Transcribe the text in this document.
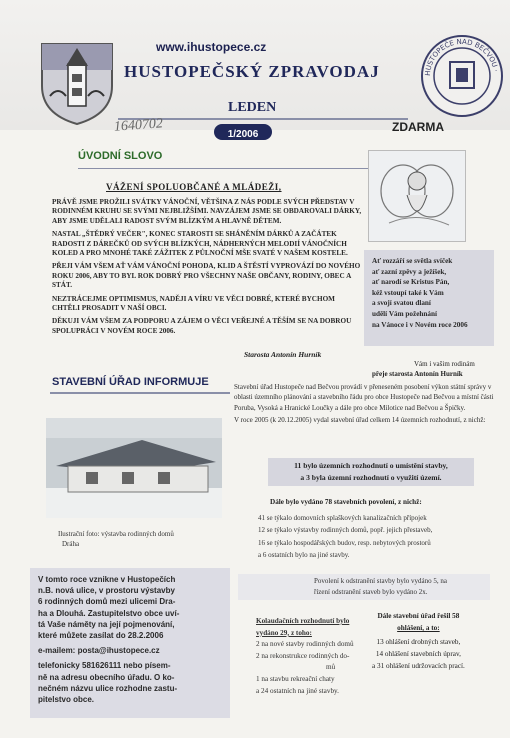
www.ihustopece.cz
HUSTOPEČSKÝ ZPRAVODAJ	HUSTOPEČE NAD BEČVOU ·
LEDEN
1640702	1/2006
ZDARMA
ÚVODNÍ SLOVO
VÁŽENÍ SPOLUOBČANÉ A MLÁDEŽI,

PRÁVĚ JSME PROŽILI SVÁTKY VÁNOČNÍ, VĚTŠINA Z NÁS PODLE SVÝCH PŘEDSTAV V RODINNÉM KRUHU SE SVÝMI NEJBLIŽŠÍMI. NAVZÁJEM JSME SE OBDAROVALI DÁRKY, ABY JSME UDĚLALI RADOST SVÝM BLÍZKÝM A HLAVNĚ DĚTEM.

NASTAL „ŠTĚDRÝ VEČER", KONEC STAROSTI SE SHÁNĚNÍM DÁRKŮ A ZAČÁTEK RADOSTI Z DÁREČKŮ OD SVÝCH BLÍZKÝCH, NÁDHERNÝCH MELODIÍ VÁNOČNÍCH KOLED A PRO MNOHÉ TAKÉ ZÁŽITEK Z PŮLNOČNÍ MŠE SVATÉ V NAŠEM KOSTELE.

PŘEJI VÁM VŠEM AŤ VÁM VÁNOČNÍ POHODA, KLID A ŠTĚSTÍ VYPROVÁZÍ DO NOVÉHO ROKU 2006, ABY TO BYL ROK DOBRÝ PRO VŠECHNY NAŠE OBČANY, RODINY, OBEC A STÁT.

NEZTRÁCEJME OPTIMISMUS, NADĚJI A VÍRU VE VĚCI DOBRÉ, KTERÉ BYCHOM CHTĚLI PROSADIT V NAŠÍ OBCI.

DĚKUJI VÁM VŠEM ZA PODPORU A ZÁJEM O VĚCI VEŘEJNÉ A TĚŠÍM SE NA DOBROU SPOLUPRÁCI V NOVÉM ROCE 2006.

Starosta Antonín Hurník
Ať rozzáří se světla svíček
ať zazní zpěvy a ježíšek,
ať narodí se Kristus Pán,
kéž vstoupí také k Vám
a svojí svatou dlaní
udělí Vám požehnání
na Vánoce i v Novém roce 2006
Vám i vašim rodinám
přeje starosta Antonín Hurník
STAVEBNÍ ÚŘAD INFORMUJE	Stavební úřad Hustopeče nad Bečvou provádí v přeneseném posobení výkon státní správy v oblasti územního plánování a stavebního řádu pro obce Hustopeče nad Bečvou a místní části Poruba, Vysoká a Hranické Loučky a dále pro obce Milotice nad Bečvou a Špičky.

V roce 2005 (k 20.12.2005) vydal stavební úřad celkem 14 územních rozhodnutí, z nichž:

Ilustrační foto: výstavba rodinných domů
Dráha
11 bylo územních rozhodnutí o umístění stavby,
a 3 byla územní rozhodnutí o využití území.
Dále bylo vydáno 78 stavebních povolení, z nichž:
41 se týkalo domovních splaškových kanalizačních přípojek
12 se týkalo výstavby rodinných domů, popř. jejich přestaveb,
16 se týkalo hospodářských budov, resp. nebytových prostorů
a 6 ostatních bylo na jiné stavby.
Povolení k odstranění stavby bylo vydáno 5, na
řízení odstranění staveb bylo vydáno 2x.
V tomto roce vznikne v Hustopečích
n.B. nová ulice, v prostoru výstavby
6 rodinných domů mezi ulicemi Dra-
ha a Dlouhá. Zastupitelstvo obce uví-
tá Vaše náměty na její pojmenování,
které můžete zasílat do 28.2.2006
e-mailem: posta@ihustopece.cz
telefonicky 581626111 nebo písem-
ně na adresu obecního úřadu. O ko-
nečném názvu ulice rozhodne zastu-
pitelstvo obce.
Kolaudačních rozhodnutí bylo
vydáno 29, z toho:
2 na nové stavby rodinných domů
2 na rekonstrukce rodinných do-
mů
1 na stavbu rekreační chaty
a 24 ostatních na jiné stavby.
Dále stavební úřad řešil 58
ohlášení, a to:
13 ohlášení drobných staveb,
14 ohlášení stavebních úprav,
a 31 ohlášení udržovacích prací.
